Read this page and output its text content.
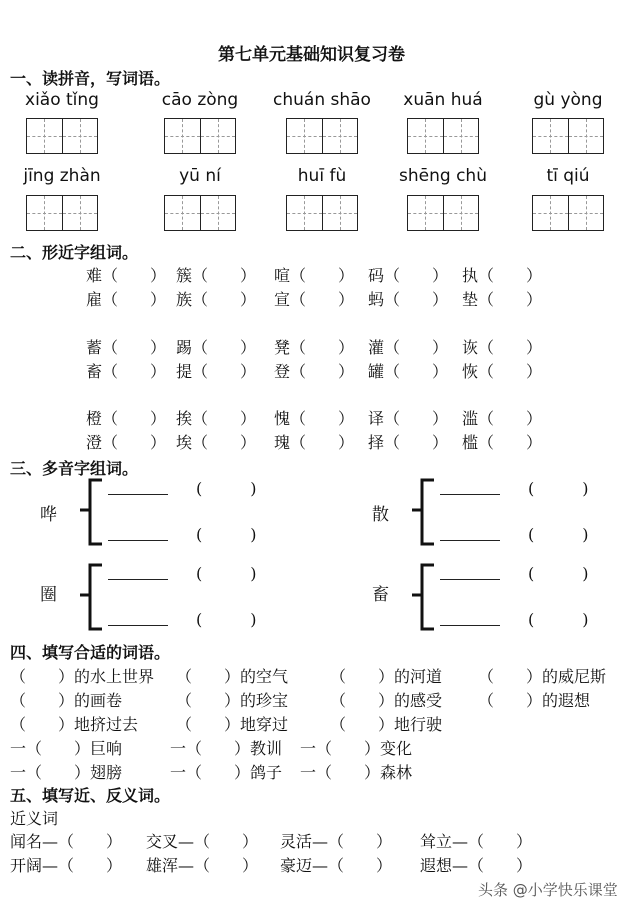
第七单元基础知识复习卷
一、读拼音，写词语。
xiǎo tǐng	cāo zòng	chuán shāo	xuān huá	gù yòng
jīng zhàn	yū ní	huī fù	shēng chù	tī qiú
二、形近字组词。
难（　　） 簇（　　） 喧（　　） 码（　　） 执（　　）
雇（　　） 族（　　） 宣（　　） 蚂（　　） 垫（　　）
蓄（　　） 踢（　　） 凳（　　） 灌（　　） 诙（　　）
畜（　　） 提（　　） 登（　　） 罐（　　） 恢（　　）
橙（　　） 挨（　　） 愧（　　） 译（　　） 滥（　　）
澄（　　） 埃（　　） 瑰（　　） 择（　　） 槛（　　）
三、多音字组词。
哗
(　　　)
(　　　)
散
(　　　)
(　　　)
圈
(　　　)
(　　　)
畜
(　　　)
(　　　)
四、填写合适的词语。
（　　）的水上世界 （　　）的空气	（　　）的河道 （　　）的威尼斯
（　　）的画卷	（　　）的珍宝	（　　）的感受 （　　）的遐想
（　　）地挤过去 （　　）地穿过	（　　）地行驶
一（　　）巨响	一（　　）教训 一（　　）变化
一（　　）翅膀	一（　　）鸽子 一（　　）森林
五、填写近、反义词。
近义词
闻名—（　　） 交叉—（　　） 灵活—（　　） 耸立—（　　）
开阔—（　　） 雄浑—（　　） 豪迈—（　　） 遐想—（　　）
头条 @小学快乐课堂
